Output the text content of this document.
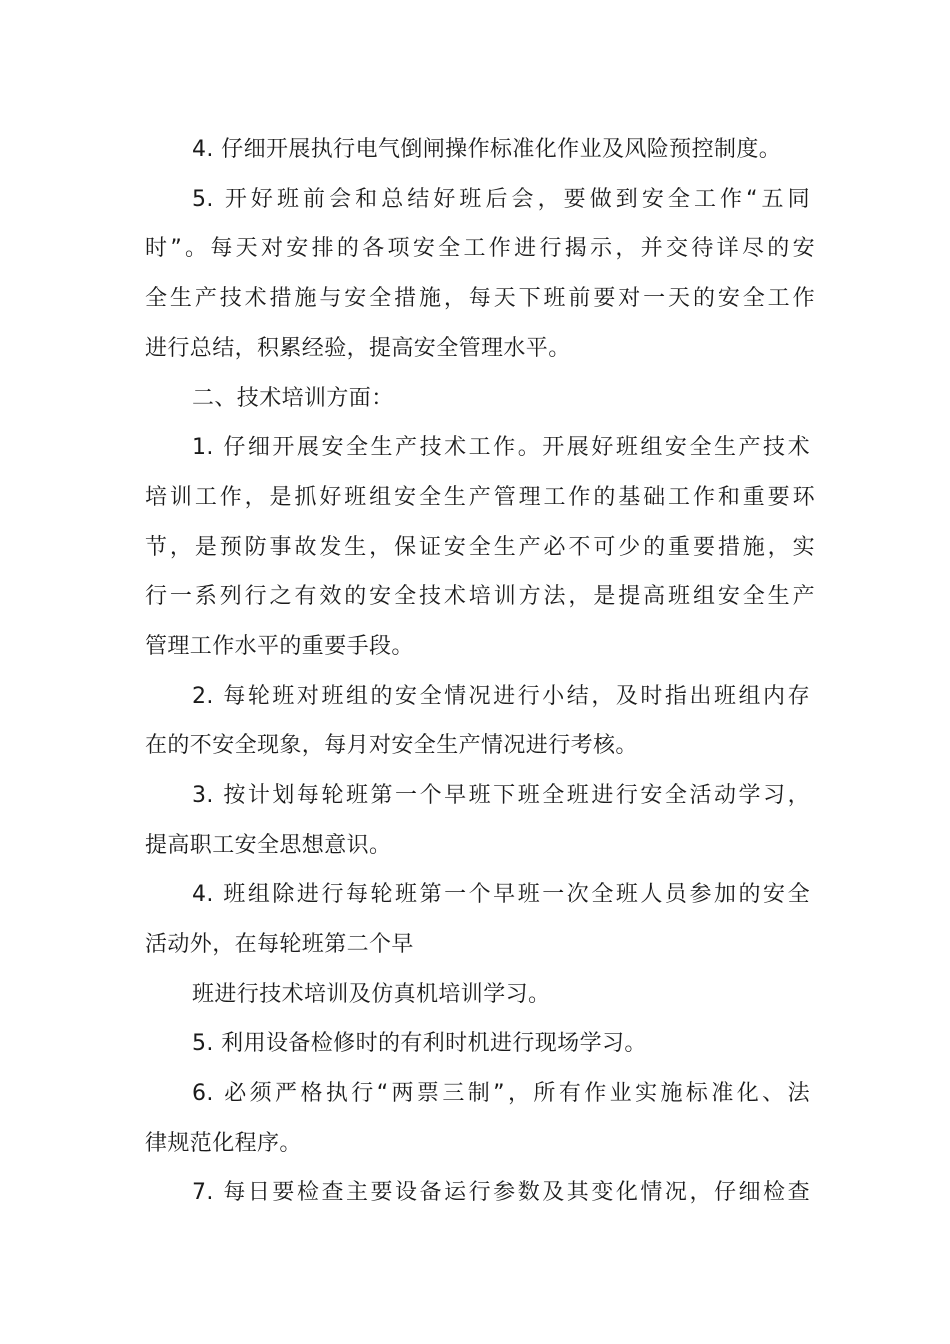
4. 仔细开展执行电气倒闸操作标准化作业及风险预控制度。
5. 开好班前会和总结好班后会，要做到安全工作“五同
时”。每天对安排的各项安全工作进行揭示，并交待详尽的安
全生产技术措施与安全措施，每天下班前要对一天的安全工作
进行总结，积累经验，提高安全管理水平。
二、技术培训方面：
1. 仔细开展安全生产技术工作。开展好班组安全生产技术
培训工作，是抓好班组安全生产管理工作的基础工作和重要环
节，是预防事故发生，保证安全生产必不可少的重要措施，实
行一系列行之有效的安全技术培训方法，是提高班组安全生产
管理工作水平的重要手段。
2. 每轮班对班组的安全情况进行小结，及时指出班组内存
在的不安全现象，每月对安全生产情况进行考核。
3. 按计划每轮班第一个早班下班全班进行安全活动学习，
提高职工安全思想意识。
4. 班组除进行每轮班第一个早班一次全班人员参加的安全
活动外，在每轮班第二个早
班进行技术培训及仿真机培训学习。
5. 利用设备检修时的有利时机进行现场学习。
6. 必须严格执行“两票三制”，所有作业实施标准化、法
律规范化程序。
7. 每日要检查主要设备运行参数及其变化情况，仔细检查
